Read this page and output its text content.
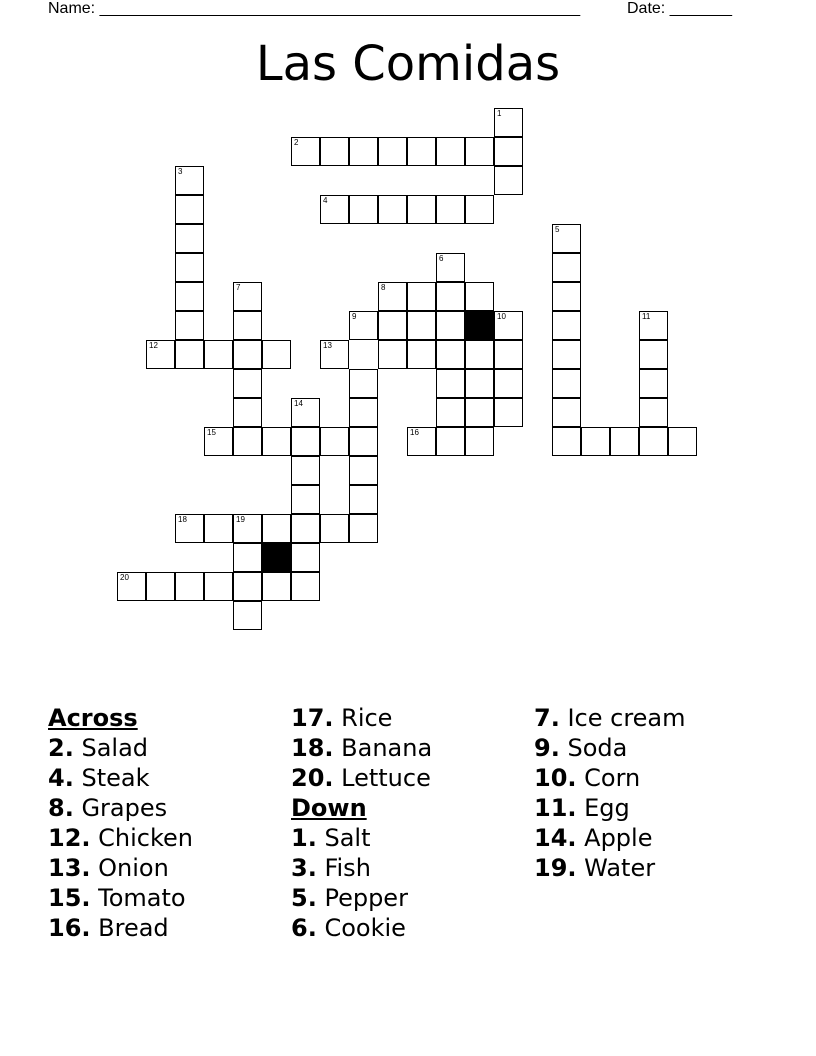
Name: ______________________________________________________	Date: _______
Las Comidas
1
2
3
4
5
6
7	8
9	10	11
12	13
14
15	16
18	19
20
Across
2. Salad
4. Steak
8. Grapes
12. Chicken
13. Onion
15. Tomato
16. Bread
17. Rice
18. Banana
20. Lettuce
Down
1. Salt
3. Fish
5. Pepper
6. Cookie
7. Ice cream
9. Soda
10. Corn
11. Egg
14. Apple
19. Water
